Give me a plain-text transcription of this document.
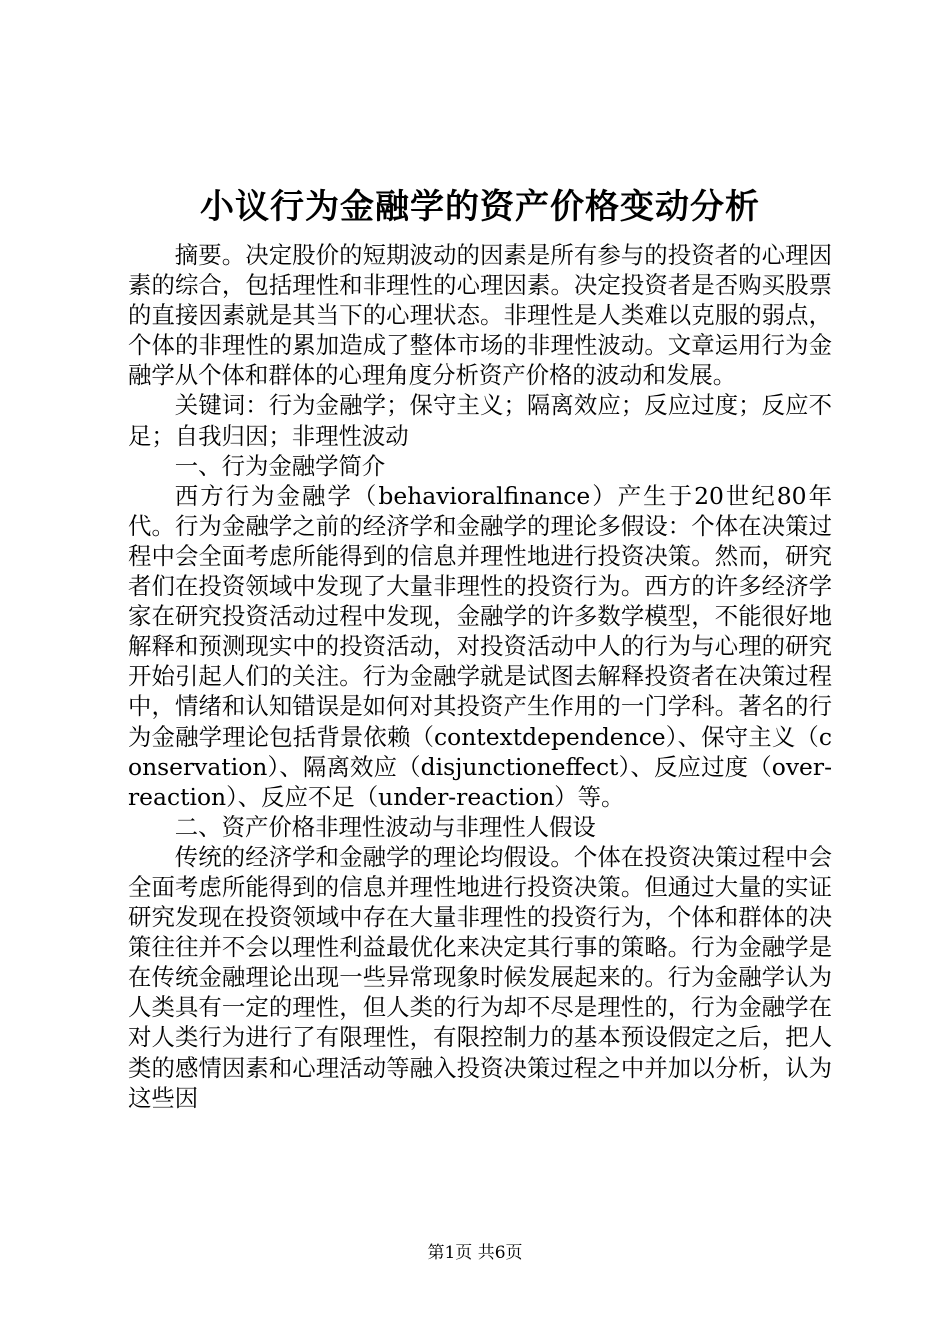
小议行为金融学的资产价格变动分析

摘要。决定股价的短期波动的因素是所有参与的投资者的心理因素的综合，包括理性和非理性的心理因素。决定投资者是否购买股票的直接因素就是其当下的心理状态。非理性是人类难以克服的弱点，个体的非理性的累加造成了整体市场的非理性波动。文章运用行为金融学从个体和群体的心理角度分析资产价格的波动和发展。

关键词：行为金融学；保守主义；隔离效应；反应过度；反应不足；自我归因；非理性波动

一、行为金融学简介

西方行为金融学（behavioralfinance）产生于20世纪80年代。行为金融学之前的经济学和金融学的理论多假设：个体在决策过程中会全面考虑所能得到的信息并理性地进行投资决策。然而，研究者们在投资领域中发现了大量非理性的投资行为。西方的许多经济学家在研究投资活动过程中发现，金融学的许多数学模型，不能很好地解释和预测现实中的投资活动，对投资活动中人的行为与心理的研究开始引起人们的关注。行为金融学就是试图去解释投资者在决策过程中，情绪和认知错误是如何对其投资产生作用的一门学科。著名的行为金融学理论包括背景依赖（contextdependence）、保守主义（conservation）、隔离效应（disjunctioneffect）、反应过度（over-reaction）、反应不足（under-reaction）等。

二、资产价格非理性波动与非理性人假设

传统的经济学和金融学的理论均假设。个体在投资决策过程中会全面考虑所能得到的信息并理性地进行投资决策。但通过大量的实证研究发现在投资领域中存在大量非理性的投资行为，个体和群体的决策往往并不会以理性利益最优化来决定其行事的策略。行为金融学是在传统金融理论出现一些异常现象时候发展起来的。行为金融学认为人类具有一定的理性，但人类的行为却不尽是理性的，行为金融学在对人类行为进行了有限理性，有限控制力的基本预设假定之后，把人类的感情因素和心理活动等融入投资决策过程之中并加以分析，认为这些因

第1页 共6页
